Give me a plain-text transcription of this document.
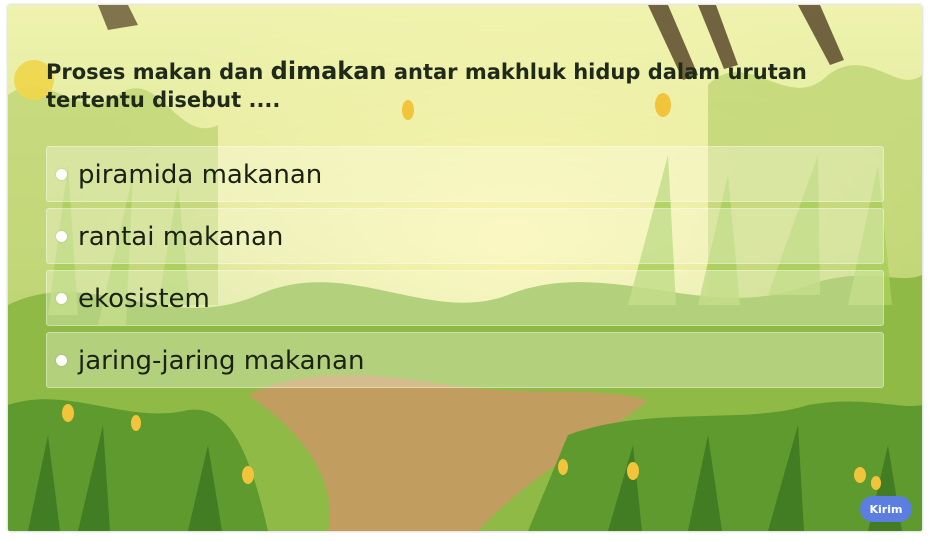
Proses makan dan dimakan antar makhluk hidup dalam urutan tertentu disebut ....
piramida makanan
rantai makanan
ekosistem
jaring-jaring makanan
Kirim
